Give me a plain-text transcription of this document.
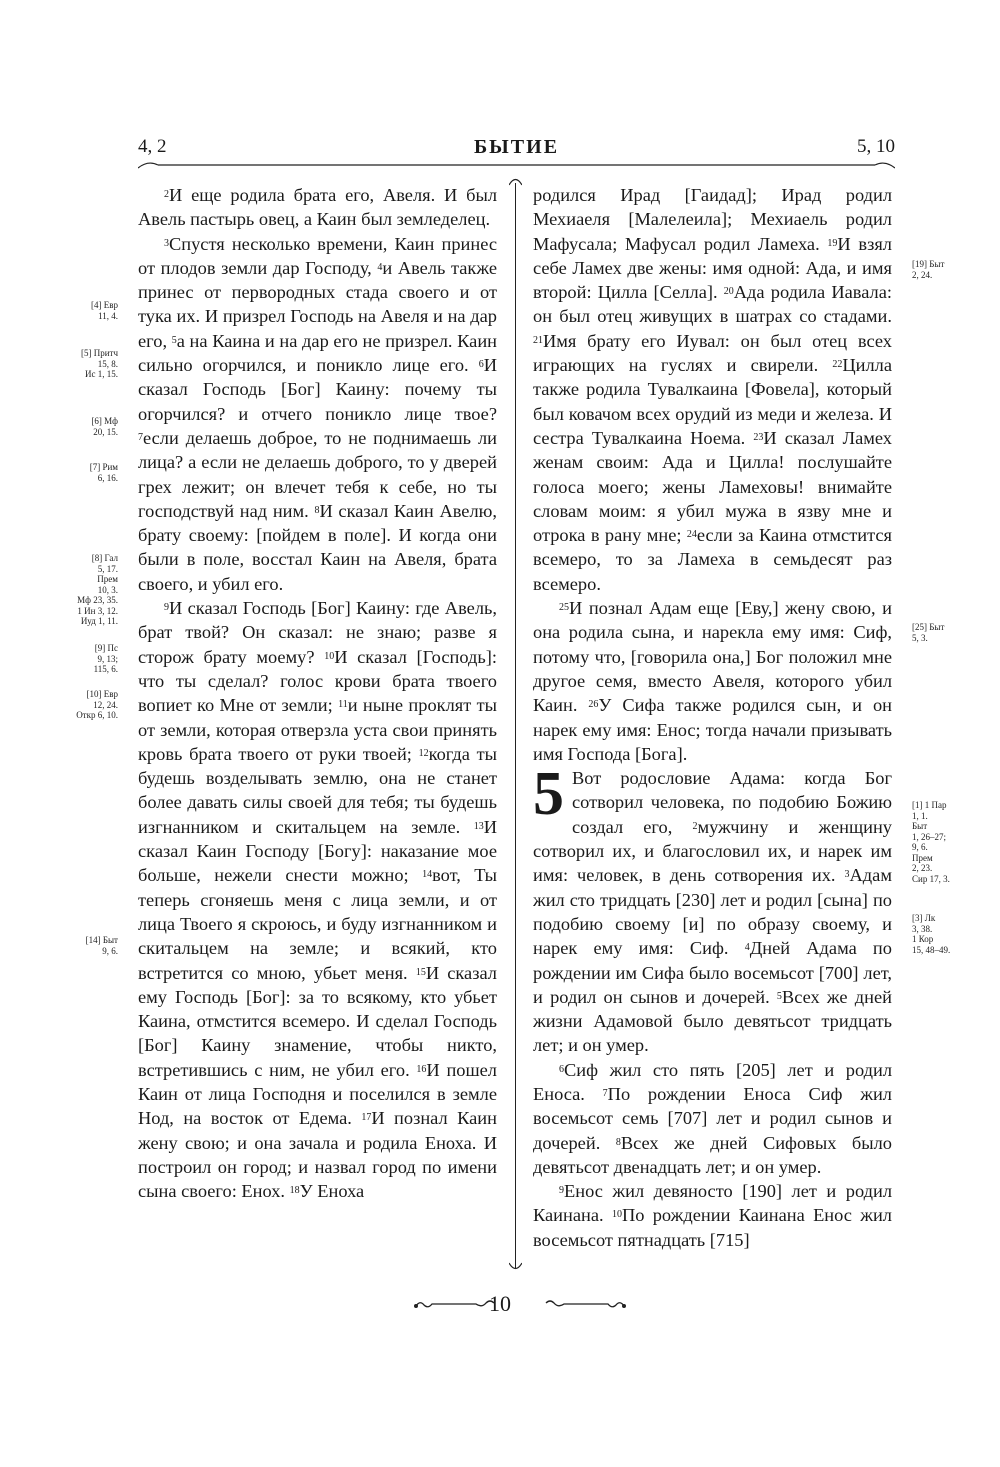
4, 2	БЫТИЕ	5, 10
[4] Евр
11, 4.
[5] Притч
15, 8.
Ис 1, 15.
[6] Мф
20, 15.
[7] Рим
6, 16.
[8] Гал
5, 17.
Прем
10, 3.
Мф 23, 35.
1 Ин 3, 12.
Иуд 1, 11.
[9] Пс
9, 13;
115, 6.
[10] Евр
12, 24.
Откр 6, 10.
[14] Быт
9, 6.
[19] Быт
2, 24.
[25] Быт
5, 3.
[1] 1 Пар
1, 1.
Быт
1, 26–27;
9, 6.
Прем
2, 23.
Сир 17, 3.
[3] Лк
3, 38.
1 Кор
15, 48–49.

$^2$И еще родила брата его, Авеля. И был Авель пастырь овец, а Каин был земледелец.

$^3$Спустя несколько времени, Каин принес от плодов земли дар Господу, $^4$и Авель также принес от первородных стада своего и от тука их. И призрел Господь на Авеля и на дар его, $^5$а на Каина и на дар его не призрел. Каин сильно огорчился, и поникло лице его. $^6$И сказал Господь [Бог] Каину: почему ты огорчился? и отчего поникло лице твое? $^7$если делаешь доброе, то не поднимаешь ли лица? а если не делаешь доброго, то у дверей грех лежит; он влечет тебя к себе, но ты господствуй над ним. $^8$И сказал Каин Авелю, брату своему: [пойдем в поле]. И когда они были в поле, восстал Каин на Авеля, брата своего, и убил его.

$^9$И сказал Господь [Бог] Каину: где Авель, брат твой? Он сказал: не знаю; разве я сторож брату моему? $^{10}$И сказал [Господь]: что ты сделал? голос крови брата твоего вопиет ко Мне от земли; $^{11}$и ныне проклят ты от земли, которая отверзла уста свои принять кровь брата твоего от руки твоей; $^{12}$когда ты будешь возделывать землю, она не станет более давать силы своей для тебя; ты будешь изгнанником и скитальцем на земле. $^{13}$И сказал Каин Господу [Богу]: наказание мое больше, нежели снести можно; $^{14}$вот, Ты теперь сгоняешь меня с лица земли, и от лица Твоего я скроюсь, и буду изгнанником и скитальцем на земле; и всякий, кто встретится со мною, убьет меня. $^{15}$И сказал ему Господь [Бог]: за то всякому, кто убьет Каина, отмстится всемеро. И сделал Господь [Бог] Каину знамение, чтобы никто, встретившись с ним, не убил его. $^{16}$И пошел Каин от лица Господня и поселился в земле Нод, на восток от Едема. $^{17}$И познал Каин жену свою; и она зачала и родила Еноха. И построил он город; и назвал город по имени сына своего: Енох. $^{18}$У Еноха

родился Ирад [Гаидад]; Ирад родил Мехиаеля [Малелеила]; Мехиаель родил Мафусала; Мафусал родил Ламеха. $^{19}$И взял себе Ламех две жены: имя одной: Ада, и имя второй: Цилла [Селла]. $^{20}$Ада родила Иавала: он был отец живущих в шатрах со стадами. $^{21}$Имя брату его Иувал: он был отец всех играющих на гуслях и свирели. $^{22}$Цилла также родила Тувалкаина [Фовела], который был ковачом всех орудий из меди и железа. И сестра Тувалкаина Ноема. $^{23}$И сказал Ламех женам своим: Ада и Цилла! послушайте голоса моего; жены Ламеховы! внимайте словам моим: я убил мужа в язву мне и отрока в рану мне; $^{24}$если за Каина отмстится всемеро, то за Ламеха в семьдесят раз всемеро.

$^{25}$И познал Адам еще [Еву,] жену свою, и она родила сына, и нарекла ему имя: Сиф, потому что, [говорила она,] Бог положил мне другое семя, вместо Авеля, которого убил Каин. $^{26}$У Сифа также родился сын, и он нарек ему имя: Енос; тогда начали призывать имя Господа [Бога].

5 Вот родословие Адама: когда Бог сотворил человека, по подобию Божию создал его, $^2$мужчину и женщину сотворил их, и благословил их, и нарек им имя: человек, в день сотворения их. $^3$Адам жил сто тридцать [230] лет и родил [сына] по подобию своему [и] по образу своему, и нарек ему имя: Сиф. $^4$Дней Адама по рождении им Сифа было восемьсот [700] лет, и родил он сынов и дочерей. $^5$Всех же дней жизни Адамовой было девятьсот тридцать лет; и он умер.

$^6$Сиф жил сто пять [205] лет и родил Еноса. $^7$По рождении Еноса Сиф жил восемьсот семь [707] лет и родил сынов и дочерей. $^8$Всех же дней Сифовых было девятьсот двенадцать лет; и он умер.

$^9$Енос жил девяносто [190] лет и родил Каинана. $^{10}$По рождении Каинана Енос жил восемьсот пятнадцать [715]

10
